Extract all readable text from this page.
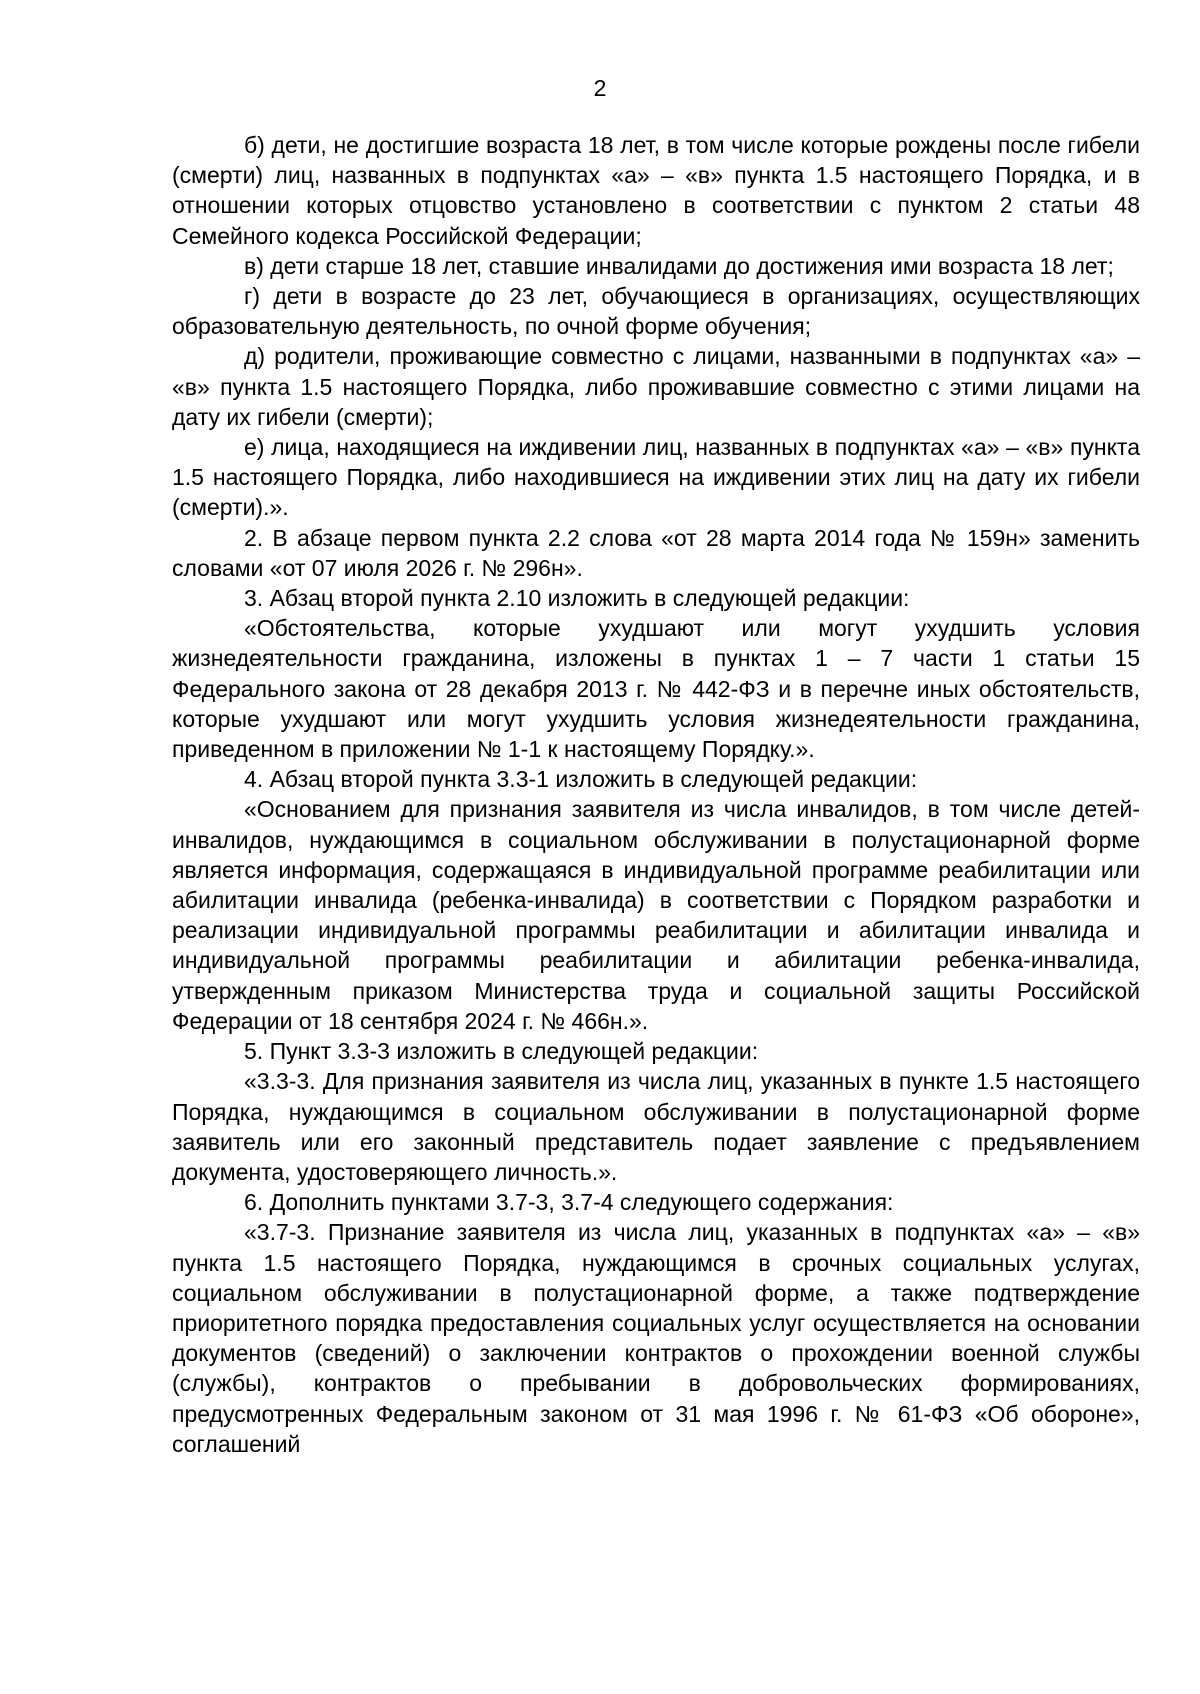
2

б) дети, не достигшие возраста 18 лет, в том числе которые рождены после гибели (смерти) лиц, названных в подпунктах «а» – «в» пункта 1.5 настоящего Порядка, и в отношении которых отцовство установлено в соответствии с пунктом 2 статьи 48 Семейного кодекса Российской Федерации;

в) дети старше 18 лет, ставшие инвалидами до достижения ими возраста 18 лет;

г) дети в возрасте до 23 лет, обучающиеся в организациях, осуществляющих образовательную деятельность, по очной форме обучения;

д) родители, проживающие совместно с лицами, названными в подпунктах «а» – «в» пункта 1.5 настоящего Порядка, либо проживавшие совместно с этими лицами на дату их гибели (смерти);

е) лица, находящиеся на иждивении лиц, названных в подпунктах «а» – «в» пункта 1.5 настоящего Порядка, либо находившиеся на иждивении этих лиц на дату их гибели (смерти).».

2. В абзаце первом пункта 2.2 слова «от 28 марта 2014 года № 159н» заменить словами «от 07 июля 2026 г. № 296н».

3. Абзац второй пункта 2.10 изложить в следующей редакции:

«Обстоятельства, которые ухудшают или могут ухудшить условия жизнедеятельности гражданина, изложены в пунктах 1 – 7 части 1 статьи 15 Федерального закона от 28 декабря 2013 г. № 442-ФЗ и в перечне иных обстоятельств, которые ухудшают или могут ухудшить условия жизнедеятельности гражданина, приведенном в приложении № 1-1 к настоящему Порядку.».

4. Абзац второй пункта 3.3-1 изложить в следующей редакции:

«Основанием для признания заявителя из числа инвалидов, в том числе детей-инвалидов, нуждающимся в социальном обслуживании в полустационарной форме является информация, содержащаяся в индивидуальной программе реабилитации или абилитации инвалида (ребенка-инвалида) в соответствии с Порядком разработки и реализации индивидуальной программы реабилитации и абилитации инвалида и индивидуальной программы реабилитации и абилитации ребенка-инвалида, утвержденным приказом Министерства труда и социальной защиты Российской Федерации от 18 сентября 2024 г. № 466н.».

5. Пункт 3.3-3 изложить в следующей редакции:

«3.3-3. Для признания заявителя из числа лиц, указанных в пункте 1.5 настоящего Порядка, нуждающимся в социальном обслуживании в полустационарной форме заявитель или его законный представитель подает заявление с предъявлением документа, удостоверяющего личность.».

6. Дополнить пунктами 3.7-3, 3.7-4 следующего содержания:

«3.7-3. Признание заявителя из числа лиц, указанных в подпунктах «а» – «в» пункта 1.5 настоящего Порядка, нуждающимся в срочных социальных услугах, социальном обслуживании в полустационарной форме, а также подтверждение приоритетного порядка предоставления социальных услуг осуществляется на основании документов (сведений) о заключении контрактов о прохождении военной службы (службы), контрактов о пребывании в добровольческих формированиях, предусмотренных Федеральным законом от 31 мая 1996 г. № 61-ФЗ «Об обороне», соглашений
